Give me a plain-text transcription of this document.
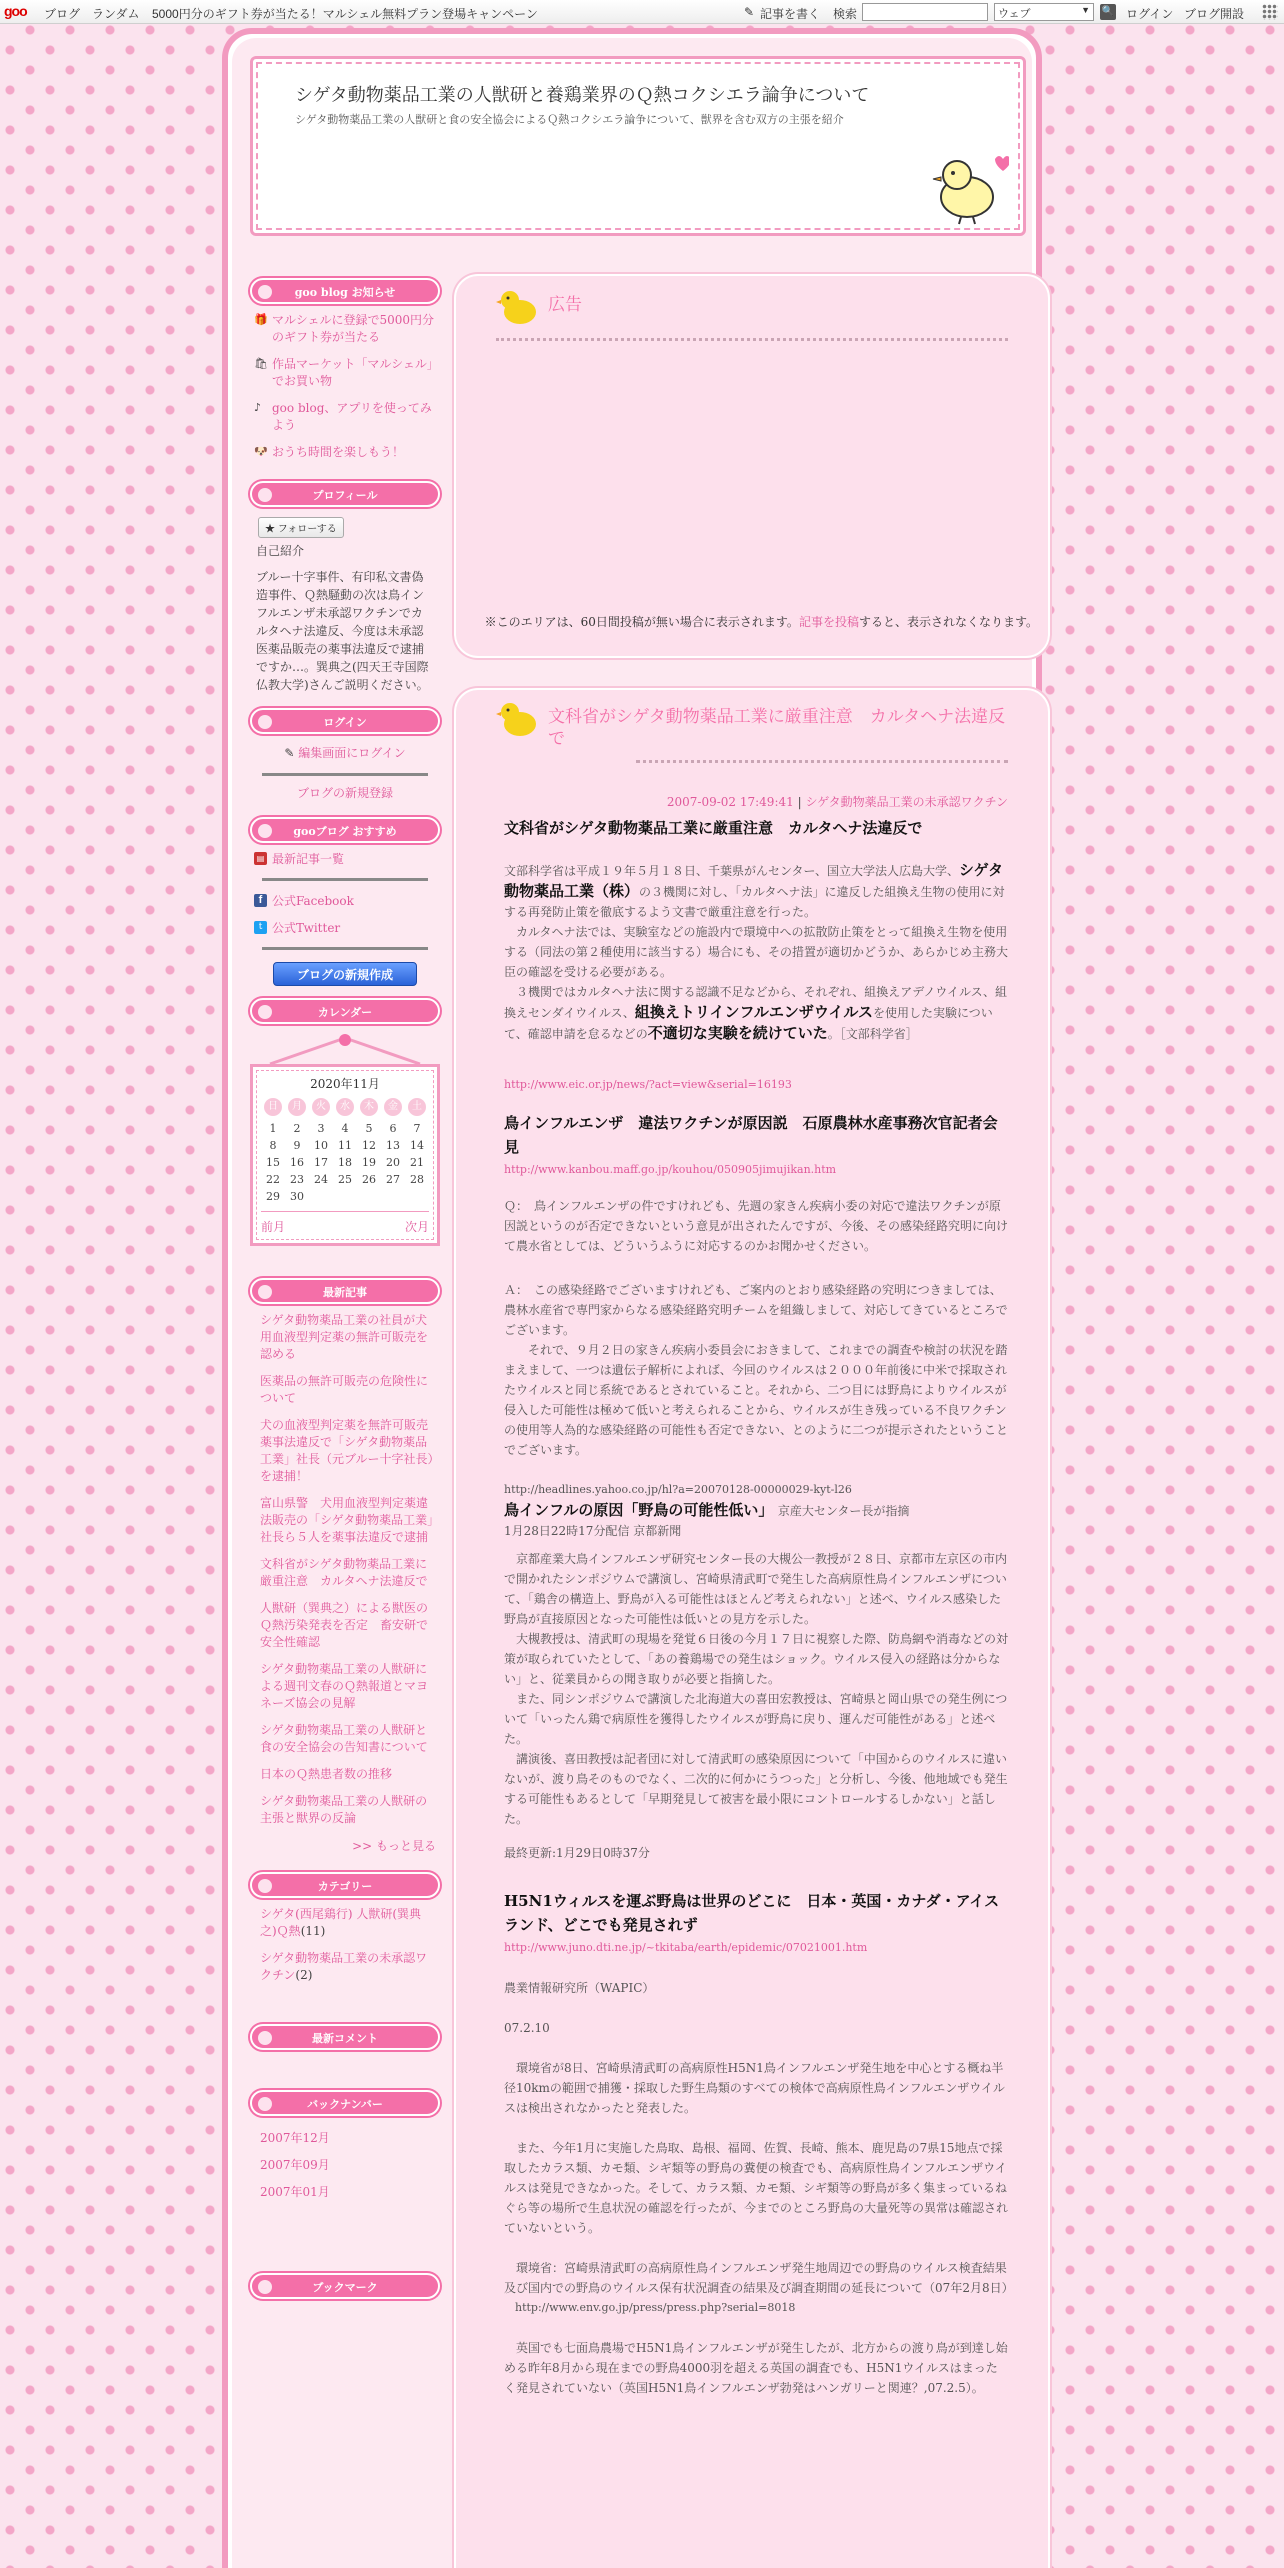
goo ブログ ランダム 5000円分のギフト券が当たる！マルシェル無料プラン登場キャンペーン	✎ 記事を書く 検索	ウェブ ▼	🔍 ログイン ブログ開設
シゲタ動物薬品工業の人獣研と養鶏業界のＱ熱コクシエラ論争について
シゲタ動物薬品工業の人獣研と食の安全協会によるＱ熱コクシエラ論争について、獣界を含む双方の主張を紹介
goo blog お知らせ
🎁 マルシェルに登録で5000円分のギフト券が当たる
🛍 作品マーケット「マルシェル」でお買い物
♪ goo blog、アプリを使ってみよう
🐶 おうち時間を楽しもう！
プロフィール
★ フォローする
自己紹介
ブルー十字事件、有印私文書偽造事件、Ｑ熱騒動の次は鳥インフルエンザ未承認ワクチンでカルタヘナ法違反、今度は未承認医薬品販売の薬事法違反で逮捕ですか…。巽典之(四天王寺国際仏教大学)さんご説明ください。
ログイン
✎ 編集画面にログイン
ブログの新規登録
gooブログ おすすめ
▤ 最新記事一覧
f 公式Facebook
t 公式Twitter
ブログの新規作成
カレンダー
2020年11月
日	月	火	水	木	金	土
1	2	3	4	5	6	7
8	9	10 11 12 13 14
15 16 17 18 19 20 21
22 23 24 25 26 27 28
29 30
前月	次月
最新記事
シゲタ動物薬品工業の社員が犬用血液型判定薬の無許可販売を認める
医薬品の無許可販売の危険性について
犬の血液型判定薬を無許可販売　薬事法違反で「シゲタ動物薬品工業」社長（元ブルー十字社長）を逮捕！
富山県警　犬用血液型判定薬違法販売の「シゲタ動物薬品工業」社長ら５人を薬事法違反で逮捕
文科省がシゲタ動物薬品工業に厳重注意　カルタヘナ法違反で
人獣研（巽典之）による獣医のＱ熱汚染発表を否定　畜安研で安全性確認
シゲタ動物薬品工業の人獣研による週刊文春のＱ熱報道とマヨネーズ協会の見解
シゲタ動物薬品工業の人獣研と食の安全協会の告知書について
日本のＱ熱患者数の推移
シゲタ動物薬品工業の人獣研の主張と獣界の反論
>> もっと見る
カテゴリー
シゲタ(西尾鶏行) 人獣研(巽典之)Ｑ熱(11)
シゲタ動物薬品工業の未承認ワクチン(2)
最新コメント
バックナンバー
2007年12月
2007年09月
2007年01月
ブックマーク
広告
※このエリアは、60日間投稿が無い場合に表示されます。記事を投稿すると、表示されなくなります。
文科省がシゲタ動物薬品工業に厳重注意　カルタヘナ法違反で
2007-09-02 17:49:41 | シゲタ動物薬品工業の未承認ワクチン

文科省がシゲタ動物薬品工業に厳重注意　カルタヘナ法違反で

文部科学省は平成１９年５月１８日、千葉県がんセンター、国立大学法人広島大学、シゲタ動物薬品工業（株）の３機関に対し、「カルタヘナ法」に違反した組換え生物の使用に対する再発防止策を徹底するよう文書で厳重注意を行った。

　カルタヘナ法では、実験室などの施設内で環境中への拡散防止策をとって組換え生物を使用する（同法の第２種使用に該当する）場合にも、その措置が適切かどうか、あらかじめ主務大臣の確認を受ける必要がある。

　３機関ではカルタヘナ法に関する認識不足などから、それぞれ、組換えアデノウイルス、組換えセンダイウイルス、組換えトリインフルエンザウイルスを使用した実験について、確認申請を怠るなどの不適切な実験を続けていた。［文部科学省］

http://www.eic.or.jp/news/?act=view&serial=16193

鳥インフルエンザ　違法ワクチンが原因説　石原農林水産事務次官記者会見

http://www.kanbou.maff.go.jp/kouhou/050905jimujikan.htm

Ｑ：　鳥インフルエンザの件ですけれども、先週の家きん疾病小委の対応で違法ワクチンが原因説というのが否定できないという意見が出されたんですが、今後、その感染経路究明に向けて農水省としては、どういうふうに対応するのかお聞かせください。

Ａ：　この感染経路でございますけれども、ご案内のとおり感染経路の究明につきましては、農林水産省で専門家からなる感染経路究明チームを組織しまして、対応してきているところでございます。

　　それで、９月２日の家きん疾病小委員会におきまして、これまでの調査や検討の状況を踏まえまして、一つは遺伝子解析によれば、今回のウイルスは２０００年前後に中米で採取されたウイルスと同じ系統であるとされていること。それから、二つ目には野鳥によりウイルスが侵入した可能性は極めて低いと考えられることから、ウイルスが生き残っている不良ワクチンの使用等人為的な感染経路の可能性も否定できない、とのように二つが提示されたということでございます。

http://headlines.yahoo.co.jp/hl?a=20070128-00000029-kyt-l26

鳥インフルの原因「野鳥の可能性低い」　京産大センター長が指摘

1月28日22時17分配信 京都新聞

　京都産業大鳥インフルエンザ研究センター長の大槻公一教授が２８日、京都市左京区の市内で開かれたシンポジウムで講演し、宮崎県清武町で発生した高病原性鳥インフルエンザについて、「鶏舎の構造上、野鳥が入る可能性はほとんど考えられない」と述べ、ウイルス感染した野鳥が直接原因となった可能性は低いとの見方を示した。

　大槻教授は、清武町の現場を発覚６日後の今月１７日に視察した際、防鳥網や消毒などの対策が取られていたとして、「あの養鶏場での発生はショック。ウイルス侵入の経路は分からない」と、従業員からの聞き取りが必要と指摘した。

　また、同シンポジウムで講演した北海道大の喜田宏教授は、宮崎県と岡山県での発生例について「いったん鶏で病原性を獲得したウイルスが野鳥に戻り、運んだ可能性がある」と述べた。

　講演後、喜田教授は記者団に対して清武町の感染原因について「中国からのウイルスに違いないが、渡り鳥そのものでなく、二次的に何かにうつった」と分析し、今後、他地域でも発生する可能性もあるとして「早期発見して被害を最小限にコントロールするしかない」と話した。

最終更新:1月29日0時37分

H5N1ウィルスを運ぶ野鳥は世界のどこに　日本・英国・カナダ・アイスランド、どこでも発見されず

http://www.juno.dti.ne.jp/~tkitaba/earth/epidemic/07021001.htm

農業情報研究所（WAPIC）

07.2.10

　環境省が8日、宮崎県清武町の高病原性H5N1鳥インフルエンザ発生地を中心とする概ね半径10kmの範囲で捕獲・採取した野生鳥類のすべての検体で高病原性鳥インフルエンザウイルスは検出されなかったと発表した。

　また、今年1月に実施した鳥取、島根、福岡、佐賀、長崎、熊本、鹿児島の7県15地点で採取したカラス類、カモ類、シギ類等の野鳥の糞便の検査でも、高病原性鳥インフルエンザウイルスは発見できなかった。そして、カラス類、カモ類、シギ類等の野鳥が多く集まっているねぐら等の場所で生息状況の確認を行ったが、今までのところ野鳥の大量死等の異常は確認されていないという。

　環境省：宮崎県清武町の高病原性鳥インフルエンザ発生地周辺での野鳥のウイルス検査結果及び国内での野鳥のウイルス保有状況調査の結果及び調査期間の延長について（07年2月8日）

　http://www.env.go.jp/press/press.php?serial=8018

　英国でも七面鳥農場でH5N1鳥インフルエンザが発生したが、北方からの渡り鳥が到達し始める昨年8月から現在までの野鳥4000羽を超える英国の調査でも、H5N1ウイルスはまったく発見されていない（英国H5N1鳥インフルエンザ勃発はハンガリーと関連？,07.2.5）。
